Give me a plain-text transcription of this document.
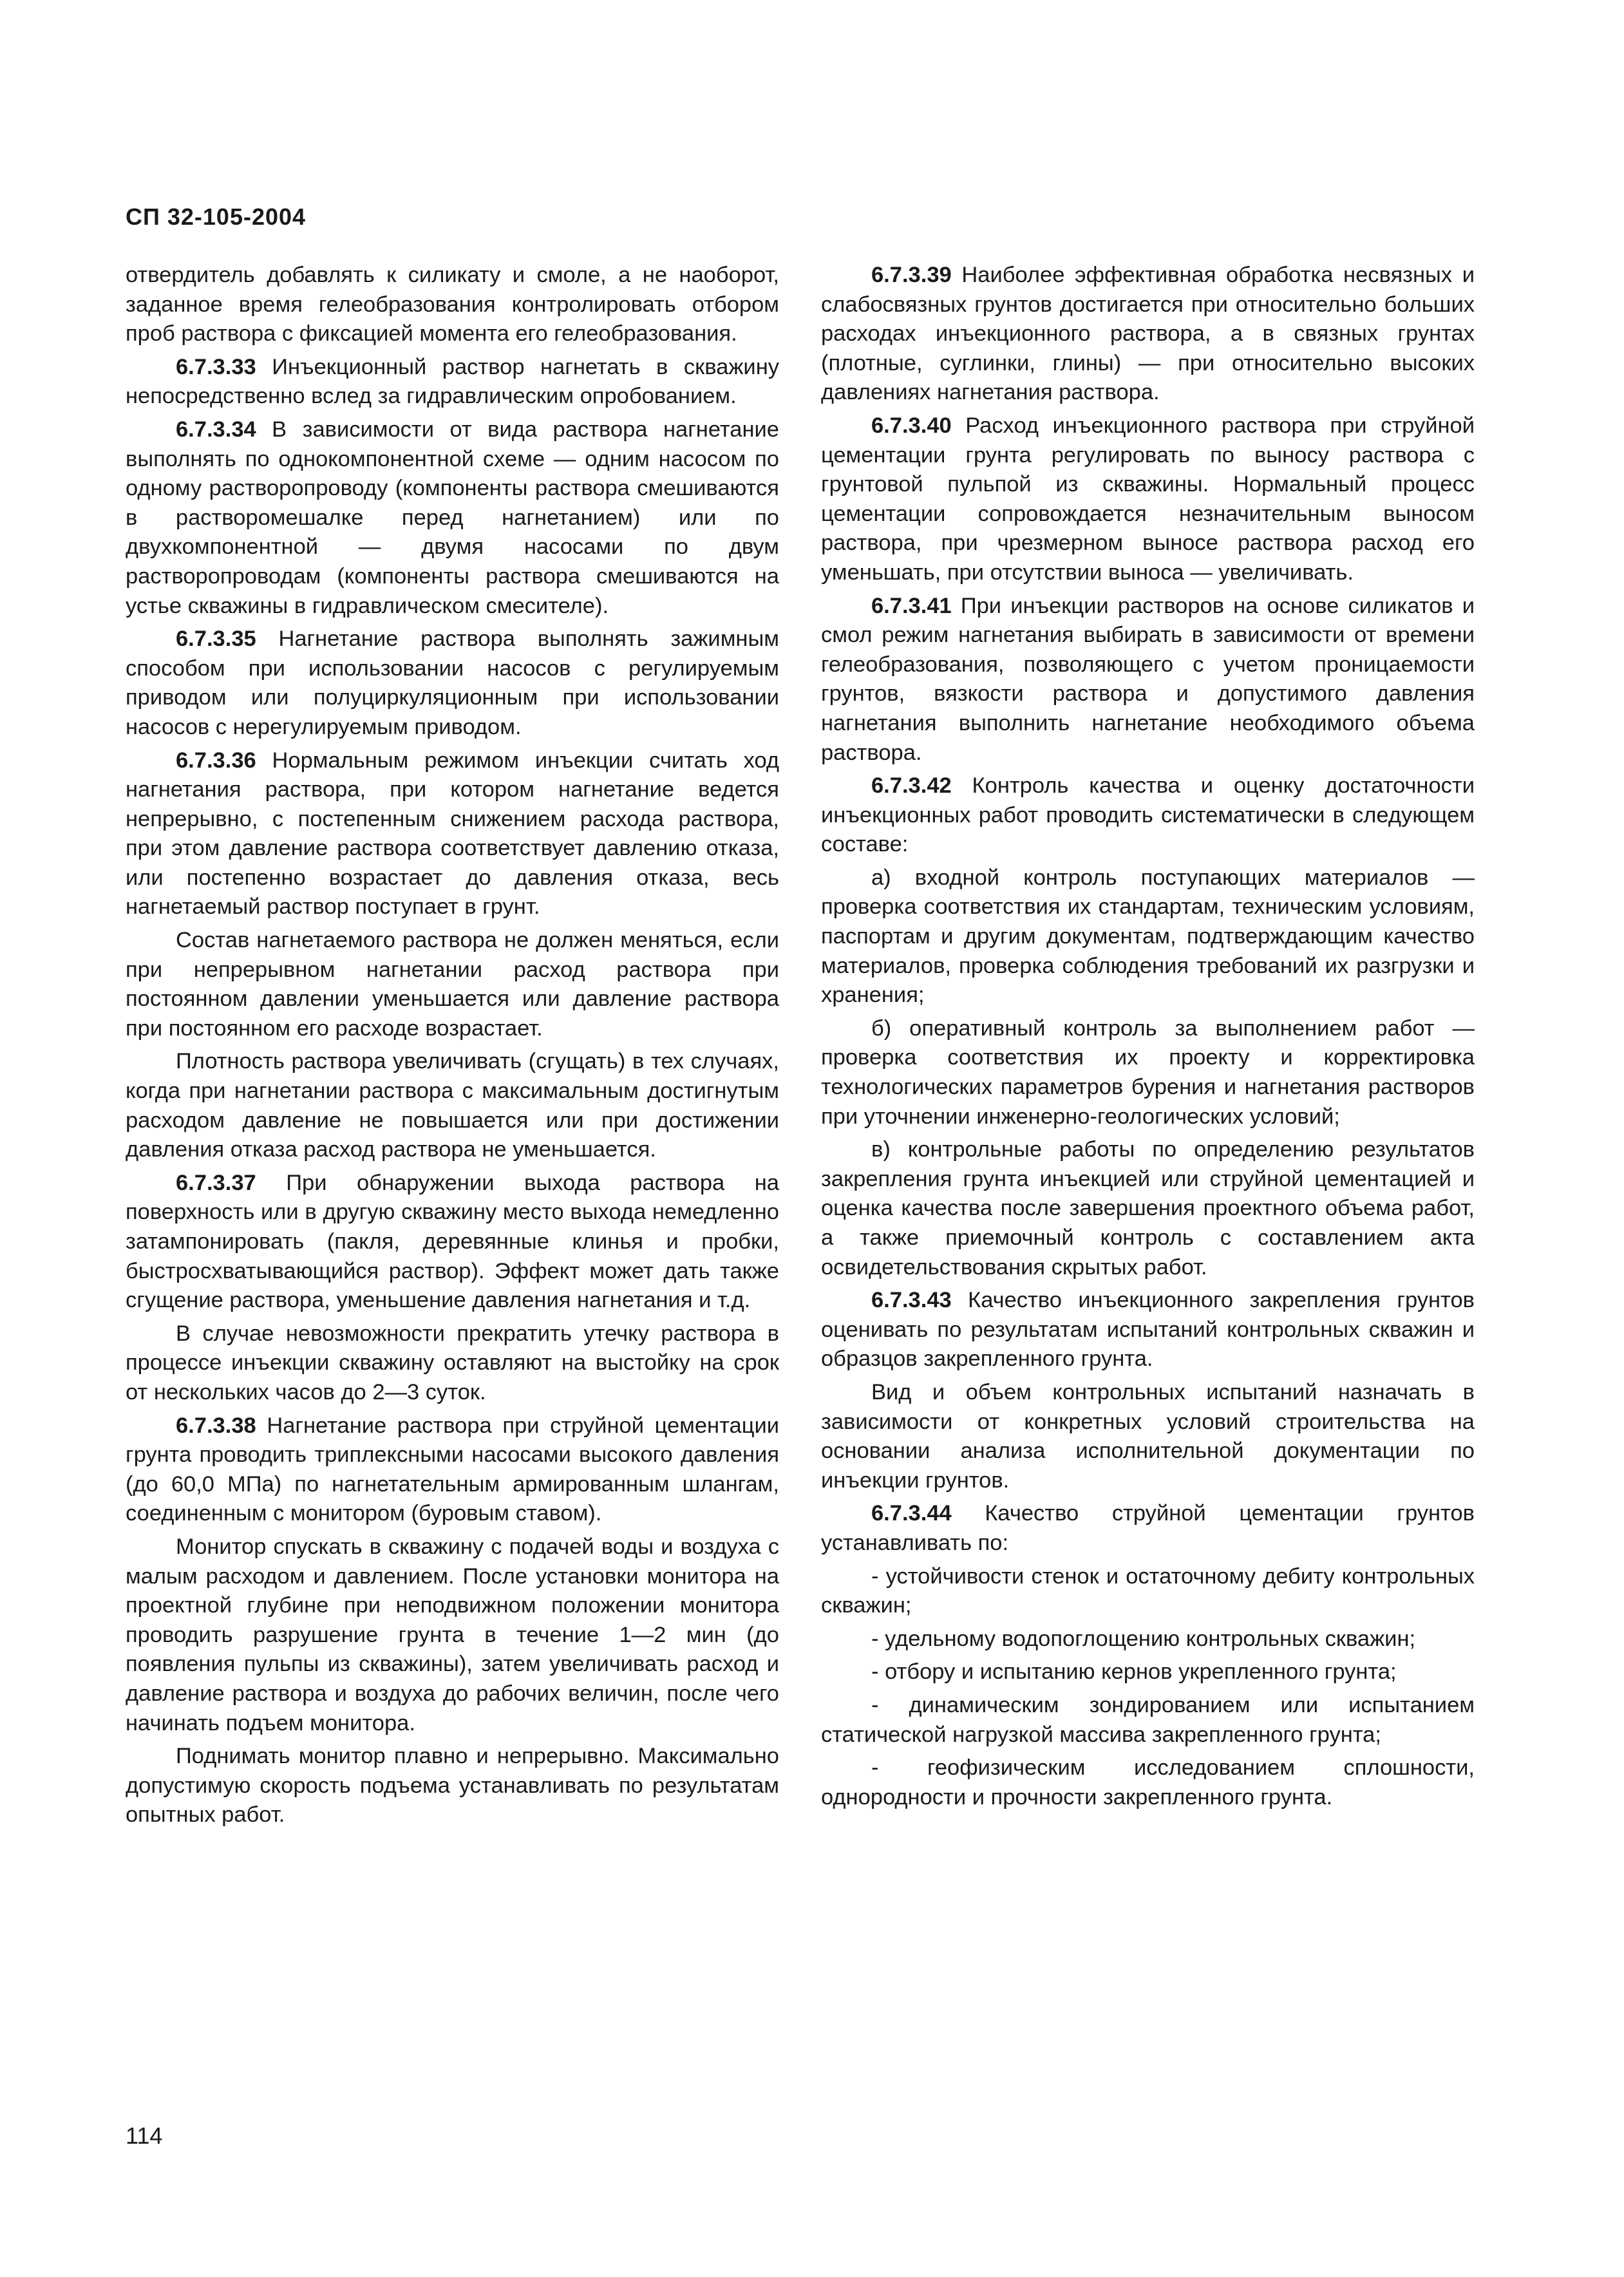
СП 32-105-2004

отвердитель добавлять к силикату и смоле, а не наоборот, заданное время гелеобразования контролировать отбором проб раствора с фиксацией момента его гелеобразования.

6.7.3.33 Инъекционный раствор нагнетать в скважину непосредственно вслед за гидравлическим опробованием.

6.7.3.34 В зависимости от вида раствора нагнетание выполнять по однокомпонентной схеме — одним насосом по одному растворопроводу (компоненты раствора смешиваются в растворомешалке перед нагнетанием) или по двухкомпонентной — двумя насосами по двум растворопроводам (компоненты раствора смешиваются на устье скважины в гидравлическом смесителе).

6.7.3.35 Нагнетание раствора выполнять зажимным способом при использовании насосов с регулируемым приводом или полуциркуляционным при использовании насосов с нерегулируемым приводом.

6.7.3.36 Нормальным режимом инъекции считать ход нагнетания раствора, при котором нагнетание ведется непрерывно, с постепенным снижением расхода раствора, при этом давление раствора соответствует давлению отказа, или постепенно возрастает до давления отказа, весь нагнетаемый раствор поступает в грунт.

Состав нагнетаемого раствора не должен меняться, если при непрерывном нагнетании расход раствора при постоянном давлении уменьшается или давление раствора при постоянном его расходе возрастает.

Плотность раствора увеличивать (сгущать) в тех случаях, когда при нагнетании раствора с максимальным достигнутым расходом давление не повышается или при достижении давления отказа расход раствора не уменьшается.

6.7.3.37 При обнаружении выхода раствора на поверхность или в другую скважину место выхода немедленно затампонировать (пакля, деревянные клинья и пробки, быстросхватывающийся раствор). Эффект может дать также сгущение раствора, уменьшение давления нагнетания и т.д.

В случае невозможности прекратить утечку раствора в процессе инъекции скважину оставляют на выстойку на срок от нескольких часов до 2—3 суток.

6.7.3.38 Нагнетание раствора при струйной цементации грунта проводить триплексными насосами высокого давления (до 60,0 МПа) по нагнетательным армированным шлангам, соединенным с монитором (буровым ставом).

Монитор спускать в скважину с подачей воды и воздуха с малым расходом и давлением. После установки монитора на проектной глубине при неподвижном положении монитора проводить разрушение грунта в течение 1—2 мин (до появления пульпы из скважины), затем увеличивать расход и давление раствора и воздуха до рабочих величин, после чего начинать подъем монитора.

Поднимать монитор плавно и непрерывно. Максимально допустимую скорость подъема устанавливать по результатам опытных работ.

6.7.3.39 Наиболее эффективная обработка несвязных и слабосвязных грунтов достигается при относительно больших расходах инъекционного раствора, а в связных грунтах (плотные, суглинки, глины) — при относительно высоких давлениях нагнетания раствора.

6.7.3.40 Расход инъекционного раствора при струйной цементации грунта регулировать по выносу раствора с грунтовой пульпой из скважины. Нормальный процесс цементации сопровождается незначительным выносом раствора, при чрезмерном выносе раствора расход его уменьшать, при отсутствии выноса — увеличивать.

6.7.3.41 При инъекции растворов на основе силикатов и смол режим нагнетания выбирать в зависимости от времени гелеобразования, позволяющего с учетом проницаемости грунтов, вязкости раствора и допустимого давления нагнетания выполнить нагнетание необходимого объема раствора.

6.7.3.42 Контроль качества и оценку достаточности инъекционных работ проводить систематически в следующем составе:

а) входной контроль поступающих материалов — проверка соответствия их стандартам, техническим условиям, паспортам и другим документам, подтверждающим качество материалов, проверка соблюдения требований их разгрузки и хранения;

б) оперативный контроль за выполнением работ — проверка соответствия их проекту и корректировка технологических параметров бурения и нагнетания растворов при уточнении инженерно-геологических условий;

в) контрольные работы по определению результатов закрепления грунта инъекцией или струйной цементацией и оценка качества после завершения проектного объема работ, а также приемочный контроль с составлением акта освидетельствования скрытых работ.

6.7.3.43 Качество инъекционного закрепления грунтов оценивать по результатам испытаний контрольных скважин и образцов закрепленного грунта.

Вид и объем контрольных испытаний назначать в зависимости от конкретных условий строительства на основании анализа исполнительной документации по инъекции грунтов.

6.7.3.44 Качество струйной цементации грунтов устанавливать по:

- устойчивости стенок и остаточному дебиту контрольных скважин;

- удельному водопоглощению контрольных скважин;

- отбору и испытанию кернов укрепленного грунта;

- динамическим зондированием или испытанием статической нагрузкой массива закрепленного грунта;

- геофизическим исследованием сплошности, однородности и прочности закрепленного грунта.

114
